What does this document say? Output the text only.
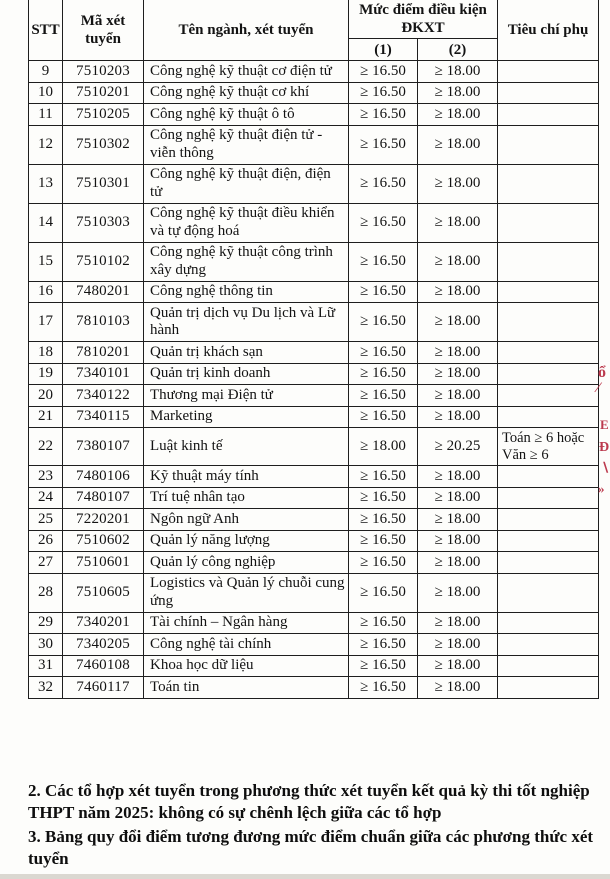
STT	Mã xét tuyển	Tên ngành, xét tuyển	Mức điểm điều kiện ĐKXT		Tiêu chí phụ
			(1)	(2)	
9	7510203	Công nghệ kỹ thuật cơ điện tử	≥ 16.50	≥ 18.00	
10	7510201	Công nghệ kỹ thuật cơ khí	≥ 16.50	≥ 18.00	
11	7510205	Công nghệ kỹ thuật ô tô	≥ 16.50	≥ 18.00	
12	7510302	Công nghệ kỹ thuật điện tử - viễn thông	≥ 16.50	≥ 18.00	
13	7510301	Công nghệ kỹ thuật điện, điện tử	≥ 16.50	≥ 18.00	
14	7510303	Công nghệ kỹ thuật điều khiển và tự động hoá	≥ 16.50	≥ 18.00	
15	7510102	Công nghệ kỹ thuật công trình xây dựng	≥ 16.50	≥ 18.00	
16	7480201	Công nghệ thông tin	≥ 16.50	≥ 18.00	
17	7810103	Quản trị dịch vụ Du lịch và Lữ hành	≥ 16.50	≥ 18.00	
18	7810201	Quản trị khách sạn	≥ 16.50	≥ 18.00	
19	7340101	Quản trị kinh doanh	≥ 16.50	≥ 18.00	
20	7340122	Thương mại Điện tử	≥ 16.50	≥ 18.00	
21	7340115	Marketing	≥ 16.50	≥ 18.00	
22	7380107	Luật kinh tế	≥ 18.00	≥ 20.25	Toán ≥ 6 hoặc Văn ≥ 6
23	7480106	Kỹ thuật máy tính	≥ 16.50	≥ 18.00	
24	7480107	Trí tuệ nhân tạo	≥ 16.50	≥ 18.00	
25	7220201	Ngôn ngữ Anh	≥ 16.50	≥ 18.00	
26	7510602	Quản lý năng lượng	≥ 16.50	≥ 18.00	
27	7510601	Quản lý công nghiệp	≥ 16.50	≥ 18.00	
28	7510605	Logistics và Quản lý chuỗi cung ứng	≥ 16.50	≥ 18.00	
29	7340201	Tài chính – Ngân hàng	≥ 16.50	≥ 18.00	
30	7340205	Công nghệ tài chính	≥ 16.50	≥ 18.00	
31	7460108	Khoa học dữ liệu	≥ 16.50	≥ 18.00	
32	7460117	Toán tin	≥ 16.50	≥ 18.00	

2. Các tổ hợp xét tuyển trong phương thức xét tuyển kết quả kỳ thi tốt nghiệp THPT năm 2025: không có sự chênh lệch giữa các tổ hợp

3. Bảng quy đổi điểm tương đương mức điểm chuẩn giữa các phương thức xét tuyển

ổ
⁄
E
Đ
∖
»
